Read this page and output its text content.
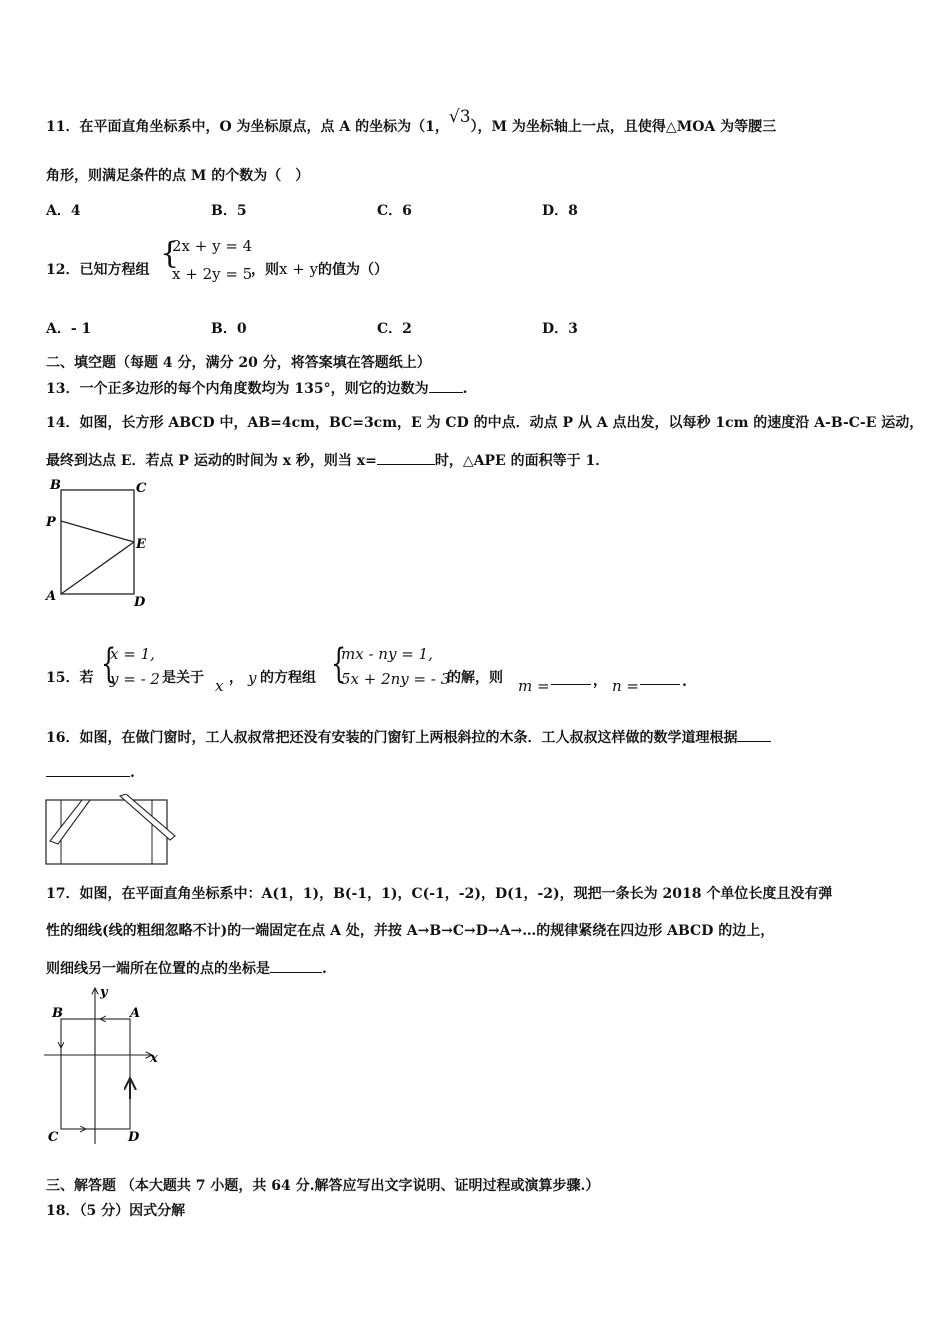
11．在平面直角坐标系中，O 为坐标原点，点 A 的坐标为（1，√3），M 为坐标轴上一点，且使得△MOA 为等腰三
角形，则满足条件的点 M 的个数为（　）
A．4	B．5	C．6	D．8
12．已知方程组 {
2x + y = 4
x + 2y = 5
，则x + y的值为（）
A．- 1	B．0	C．2	D．3
二、填空题（每题 4 分，满分 20 分，将答案填在答题纸上）
13．一个正多边形的每个内角度数均为 135°，则它的边数为 .
14．如图，长方形 ABCD 中，AB=4cm，BC=3cm，E 为 CD 的中点．动点 P 从 A 点出发，以每秒 1cm 的速度沿 A-B-C-E 运动，
最终到达点 E．若点 P 运动的时间为 x 秒，则当 x=	时，△APE 的面积等于 1．
B	C
P
E
A	D
15．若 {
x = 1,
y = - 2 是关于 x ， y 的方程组 {
mx - ny = 1,
5x + 2ny = - 3
的解，则 m =	， n =	.
16．如图，在做门窗时，工人叔叔常把还没有安装的门窗钉上两根斜拉的木条．工人叔叔这样做的数学道理根据
.
17．如图，在平面直角坐标系中：A(1，1)，B(-1，1)，C(-1，-2)，D(1，-2)，现把一条长为 2018 个单位长度且没有弹
性的细线(线的粗细忽略不计)的一端固定在点 A 处，并按 A→B→C→D→A→…的规律紧绕在四边形 ABCD 的边上，
则细线另一端所在位置的点的坐标是	.
B	A
x
y
C	D
三、解答题 （本大题共 7 小题，共 64 分.解答应写出文字说明、证明过程或演算步骤.）
18．（5 分）因式分解
